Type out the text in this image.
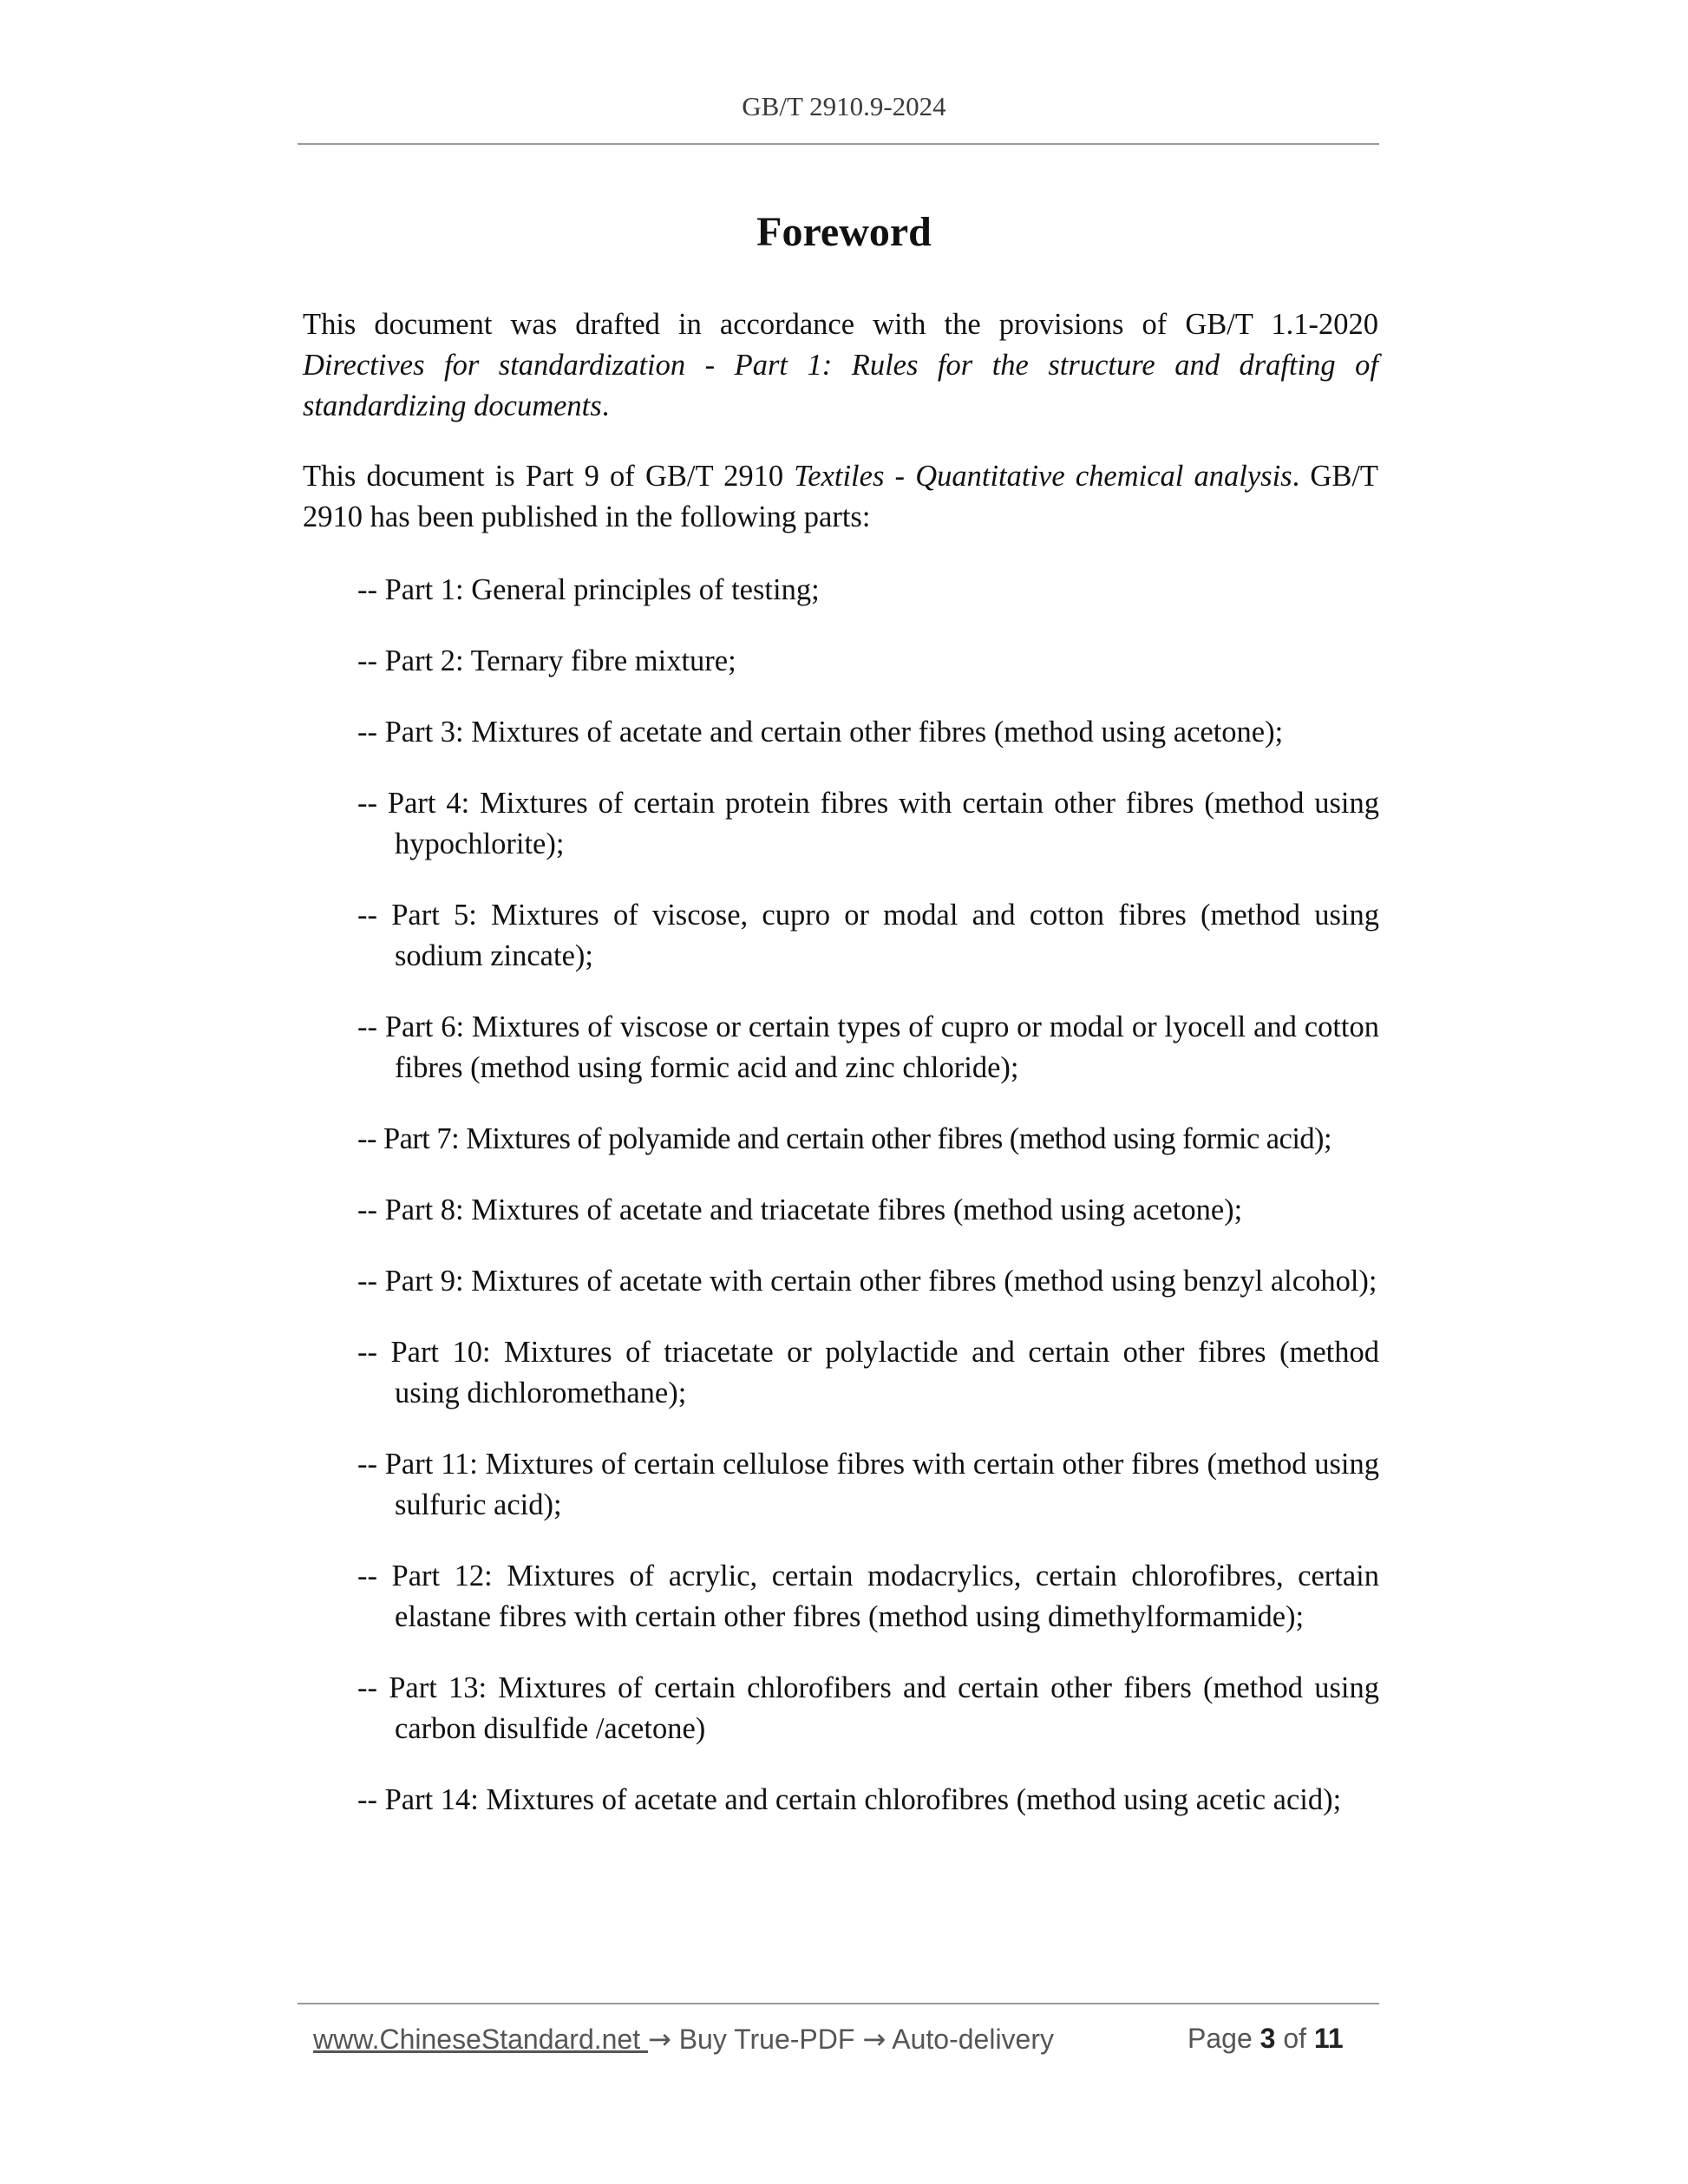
GB/T 2910.9-2024
Foreword
This document was drafted in accordance with the provisions of GB/T 1.1-2020
Directives for standardization - Part 1: Rules for the structure and drafting of
standardizing documents.
This document is Part 9 of GB/T 2910 Textiles - Quantitative chemical analysis. GB/T 2910 has been published in the following parts:
-- Part 1: General principles of testing;
-- Part 2: Ternary fibre mixture;
-- Part 3: Mixtures of acetate and certain other fibres (method using acetone);
-- Part 4: Mixtures of certain protein fibres with certain other fibres (method using hypochlorite);
-- Part 5: Mixtures of viscose, cupro or modal and cotton fibres (method using sodium zincate);
-- Part 6: Mixtures of viscose or certain types of cupro or modal or lyocell and cotton fibres (method using formic acid and zinc chloride);
-- Part 7: Mixtures of polyamide and certain other fibres (method using formic acid);
-- Part 8: Mixtures of acetate and triacetate fibres (method using acetone);
-- Part 9: Mixtures of acetate with certain other fibres (method using benzyl alcohol);
-- Part 10: Mixtures of triacetate or polylactide and certain other fibres (method using dichloromethane);
-- Part 11: Mixtures of certain cellulose fibres with certain other fibres (method using sulfuric acid);
-- Part 12: Mixtures of acrylic, certain modacrylics, certain chlorofibres, certain elastane fibres with certain other fibres (method using dimethylformamide);
-- Part 13: Mixtures of certain chlorofibers and certain other fibers (method using carbon disulfide /acetone)
-- Part 14: Mixtures of acetate and certain chlorofibres (method using acetic acid);
www.ChineseStandard.net → Buy True-PDF → Auto-delivery	Page 3 of 11
